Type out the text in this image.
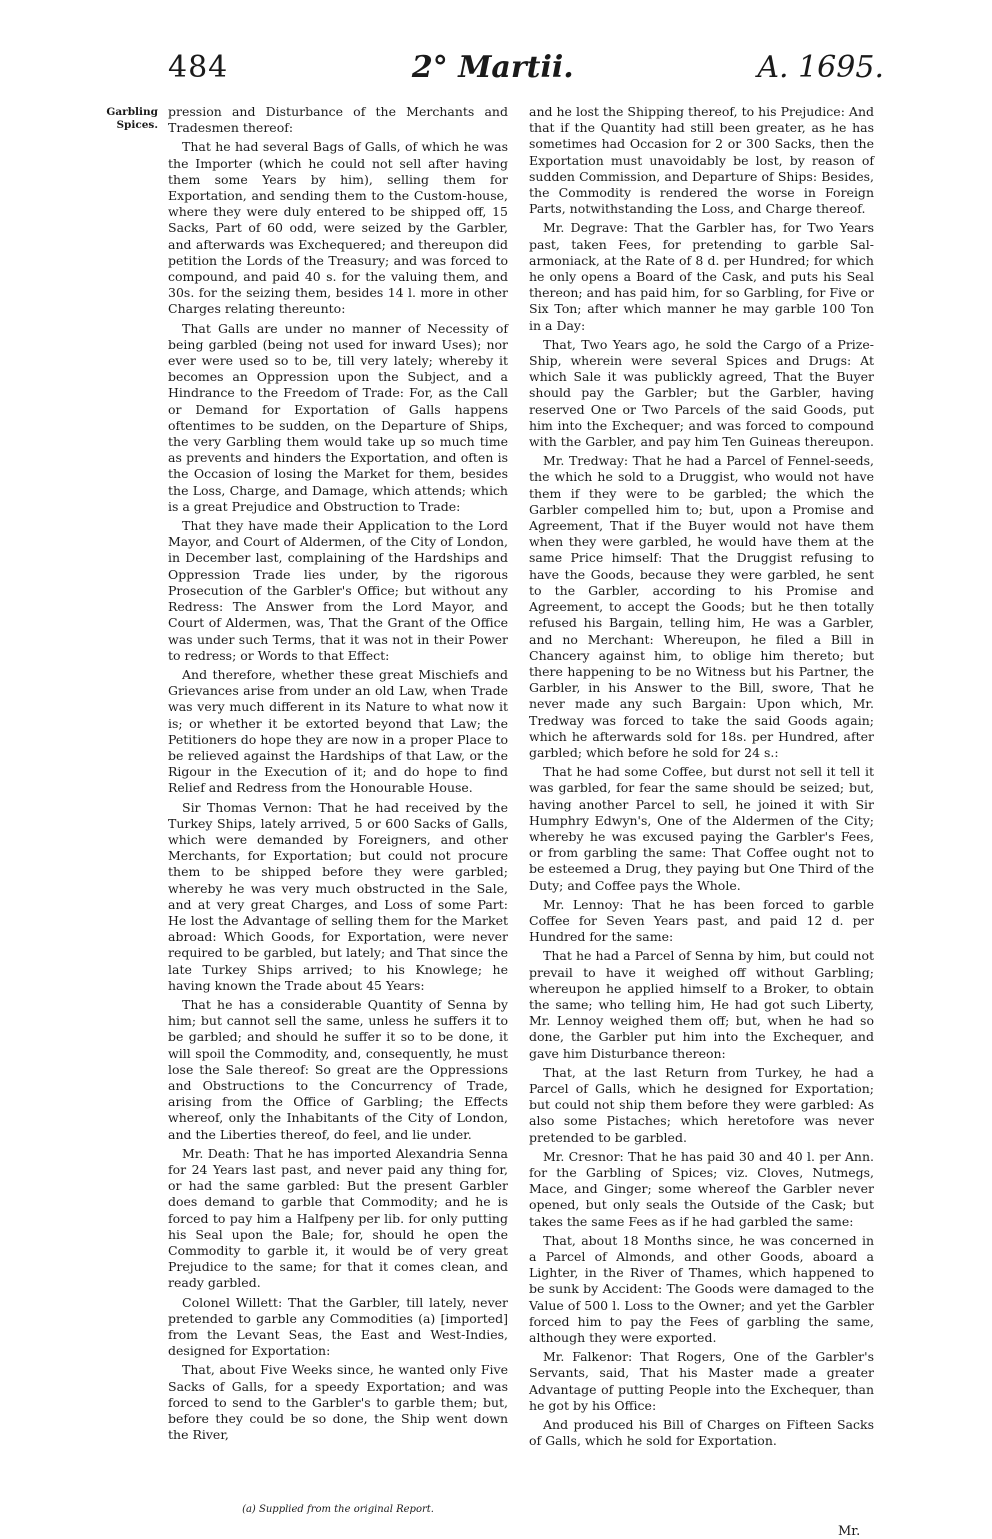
484	2° Martii.	A. 1695.
Garbling Spices.

pression and Disturbance of the Merchants and Tradesmen thereof:

That he had several Bags of Galls, of which he was the Importer (which he could not sell after having them some Years by him), selling them for Exportation, and sending them to the Custom-house, where they were duly entered to be shipped off, 15 Sacks, Part of 60 odd, were seized by the Garbler, and afterwards was Exchequered; and thereupon did petition the Lords of the Treasury; and was forced to compound, and paid 40 s. for the valuing them, and 30s. for the seizing them, besides 14 l. more in other Charges relating thereunto:

That Galls are under no manner of Necessity of being garbled (being not used for inward Uses); nor ever were used so to be, till very lately; whereby it becomes an Oppression upon the Subject, and a Hindrance to the Freedom of Trade: For, as the Call or Demand for Exportation of Galls happens oftentimes to be sudden, on the Departure of Ships, the very Garbling them would take up so much time as prevents and hinders the Exportation, and often is the Occasion of losing the Market for them, besides the Loss, Charge, and Damage, which attends; which is a great Prejudice and Obstruction to Trade:

That they have made their Application to the Lord Mayor, and Court of Aldermen, of the City of London, in December last, complaining of the Hardships and Oppression Trade lies under, by the rigorous Prosecution of the Garbler's Office; but without any Redress: The Answer from the Lord Mayor, and Court of Aldermen, was, That the Grant of the Office was under such Terms, that it was not in their Power to redress; or Words to that Effect:

And therefore, whether these great Mischiefs and Grievances arise from under an old Law, when Trade was very much different in its Nature to what now it is; or whether it be extorted beyond that Law; the Petitioners do hope they are now in a proper Place to be relieved against the Hardships of that Law, or the Rigour in the Execution of it; and do hope to find Relief and Redress from the Honourable House.

Sir Thomas Vernon: That he had received by the Turkey Ships, lately arrived, 5 or 600 Sacks of Galls, which were demanded by Foreigners, and other Merchants, for Exportation; but could not procure them to be shipped before they were garbled; whereby he was very much obstructed in the Sale, and at very great Charges, and Loss of some Part: He lost the Advantage of selling them for the Market abroad: Which Goods, for Exportation, were never required to be garbled, but lately; and That since the late Turkey Ships arrived; to his Knowlege; he having known the Trade about 45 Years:

That he has a considerable Quantity of Senna by him; but cannot sell the same, unless he suffers it to be garbled; and should he suffer it so to be done, it will spoil the Commodity, and, consequently, he must lose the Sale thereof: So great are the Oppressions and Obstructions to the Concurrency of Trade, arising from the Office of Garbling; the Effects whereof, only the Inhabitants of the City of London, and the Liberties thereof, do feel, and lie under.

Mr. Death: That he has imported Alexandria Senna for 24 Years last past, and never paid any thing for, or had the same garbled: But the present Garbler does demand to garble that Commodity; and he is forced to pay him a Halfpeny per lib. for only putting his Seal upon the Bale; for, should he open the Commodity to garble it, it would be of very great Prejudice to the same; for that it comes clean, and ready garbled.

Colonel Willett: That the Garbler, till lately, never pretended to garble any Commodities (a) [imported] from the Levant Seas, the East and West-Indies, designed for Exportation:

That, about Five Weeks since, he wanted only Five Sacks of Galls, for a speedy Exportation; and was forced to send to the Garbler's to garble them; but, before they could be so done, the Ship went down the River,

and he lost the Shipping thereof, to his Prejudice: And that if the Quantity had still been greater, as he has sometimes had Occasion for 2 or 300 Sacks, then the Exportation must unavoidably be lost, by reason of sudden Commission, and Departure of Ships: Besides, the Commodity is rendered the worse in Foreign Parts, notwithstanding the Loss, and Charge thereof.

Mr. Degrave: That the Garbler has, for Two Years past, taken Fees, for pretending to garble Sal-armoniack, at the Rate of 8 d. per Hundred; for which he only opens a Board of the Cask, and puts his Seal thereon; and has paid him, for so Garbling, for Five or Six Ton; after which manner he may garble 100 Ton in a Day:

That, Two Years ago, he sold the Cargo of a Prize-Ship, wherein were several Spices and Drugs: At which Sale it was publickly agreed, That the Buyer should pay the Garbler; but the Garbler, having reserved One or Two Parcels of the said Goods, put him into the Exchequer; and was forced to compound with the Garbler, and pay him Ten Guineas thereupon.

Mr. Tredway: That he had a Parcel of Fennel-seeds, the which he sold to a Druggist, who would not have them if they were to be garbled; the which the Garbler compelled him to; but, upon a Promise and Agreement, That if the Buyer would not have them when they were garbled, he would have them at the same Price himself: That the Druggist refusing to have the Goods, because they were garbled, he sent to the Garbler, according to his Promise and Agreement, to accept the Goods; but he then totally refused his Bargain, telling him, He was a Garbler, and no Merchant: Whereupon, he filed a Bill in Chancery against him, to oblige him thereto; but there happening to be no Witness but his Partner, the Garbler, in his Answer to the Bill, swore, That he never made any such Bargain: Upon which, Mr. Tredway was forced to take the said Goods again; which he afterwards sold for 18s. per Hundred, after garbled; which before he sold for 24 s.:

That he had some Coffee, but durst not sell it tell it was garbled, for fear the same should be seized; but, having another Parcel to sell, he joined it with Sir Humphry Edwyn's, One of the Aldermen of the City; whereby he was excused paying the Garbler's Fees, or from garbling the same: That Coffee ought not to be esteemed a Drug, they paying but One Third of the Duty; and Coffee pays the Whole.

Mr. Lennoy: That he has been forced to garble Coffee for Seven Years past, and paid 12 d. per Hundred for the same:

That he had a Parcel of Senna by him, but could not prevail to have it weighed off without Garbling; whereupon he applied himself to a Broker, to obtain the same; who telling him, He had got such Liberty, Mr. Lennoy weighed them off; but, when he had so done, the Garbler put him into the Exchequer, and gave him Disturbance thereon:

That, at the last Return from Turkey, he had a Parcel of Galls, which he designed for Exportation; but could not ship them before they were garbled: As also some Pistaches; which heretofore was never pretended to be garbled.

Mr. Cresnor: That he has paid 30 and 40 l. per Ann. for the Garbling of Spices; viz. Cloves, Nutmegs, Mace, and Ginger; some whereof the Garbler never opened, but only seals the Outside of the Cask; but takes the same Fees as if he had garbled the same:

That, about 18 Months since, he was concerned in a Parcel of Almonds, and other Goods, aboard a Lighter, in the River of Thames, which happened to be sunk by Accident: The Goods were damaged to the Value of 500 l. Loss to the Owner; and yet the Garbler forced him to pay the Fees of garbling the same, although they were exported.

Mr. Falkenor: That Rogers, One of the Garbler's Servants, said, That his Master made a greater Advantage of putting People into the Exchequer, than he got by his Office:

And produced his Bill of Charges on Fifteen Sacks of Galls, which he sold for Exportation.

(a) Supplied from the original Report.
Mr.
